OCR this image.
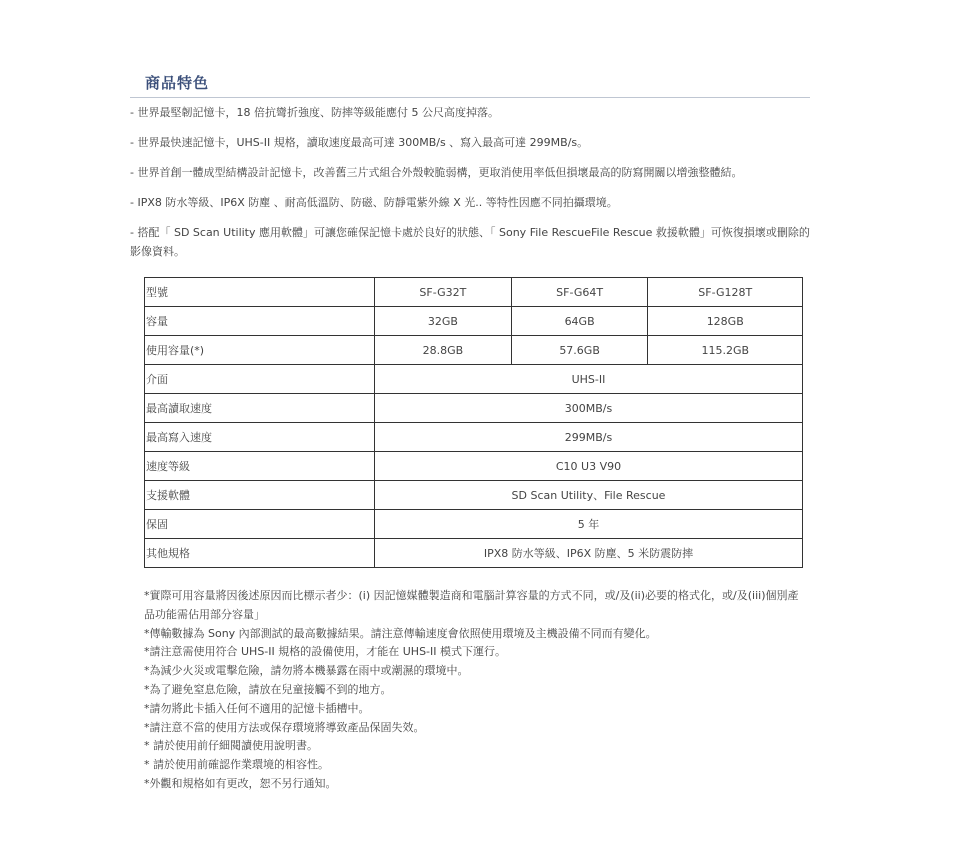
商品特色
- 世界最堅韌記憶卡，18 倍抗彎折強度、防摔等級能應付 5 公尺高度掉落。
- 世界最快速記憶卡，UHS-II 規格，讀取速度最高可達 300MB/s 、寫入最高可達 299MB/s。
- 世界首創一體成型結構設計記憶卡，改善舊三片式組合外殼較脆弱構，更取消使用率低但損壞最高的防寫開關以增強整體結。
- IPX8 防水等級、IP6X 防塵 、耐高低溫防、防磁、防靜電紫外線 X 光.. 等特性因應不同拍攝環境。
- 搭配「 SD Scan Utility 應用軟體」可讓您確保記憶卡處於良好的狀態、「 Sony File RescueFile Rescue 救援軟體」可恢復損壞或刪除的影像資料。
型號	SF-G32T	SF-G64T	SF-G128T
容量	32GB	64GB	128GB
使用容量(*)	28.8GB	57.6GB	115.2GB
介面	UHS-II		
最高讀取速度	300MB/s		
最高寫入速度	299MB/s		
速度等級	C10 U3 V90		
支援軟體	SD Scan Utility、File Rescue		
保固	5 年		
其他規格	IPX8 防水等級、IP6X 防塵、5 米防震防摔		

*實際可用容量將因後述原因而比標示者少：(i) 因記憶媒體製造商和電腦計算容量的方式不同，或/及(ii)必要的格式化，或/及(iii)個別產品功能需佔用部分容量」

*傳輸數據為 Sony 內部測試的最高數據結果。請注意傳輸速度會依照使用環境及主機設備不同而有變化。

*請注意需使用符合 UHS-II 規格的設備使用，才能在 UHS-II 模式下運行。

*為減少火災或電擊危險，請勿將本機暴露在雨中或潮濕的環境中。

*為了避免窒息危險，請放在兒童接觸不到的地方。

*請勿將此卡插入任何不適用的記憶卡插槽中。

*請注意不當的使用方法或保存環境將導致產品保固失效。

* 請於使用前仔細閱讀使用說明書。

* 請於使用前確認作業環境的相容性。

*外觀和規格如有更改，恕不另行通知。
